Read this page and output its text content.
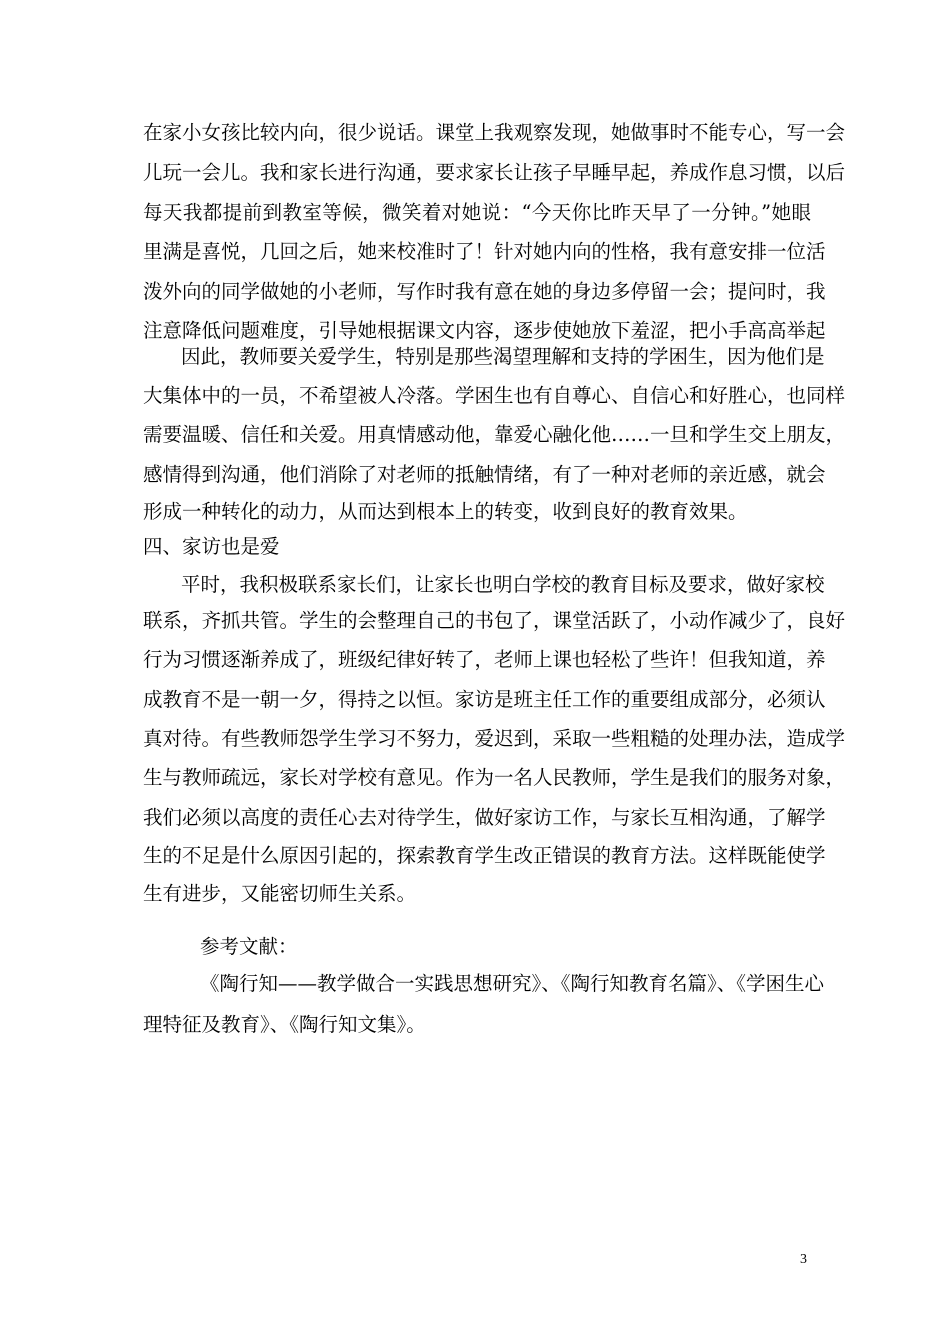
在家小女孩比较内向，很少说话。课堂上我观察发现，她做事时不能专心，写一会
儿玩一会儿。我和家长进行沟通，要求家长让孩子早睡早起，养成作息习惯，以后
每天我都提前到教室等候，微笑着对她说：“今天你比昨天早了一分钟。”她眼
里满是喜悦，几回之后，她来校准时了！针对她内向的性格，我有意安排一位活
泼外向的同学做她的小老师，写作时我有意在她的身边多停留一会；提问时，我
注意降低问题难度，引导她根据课文内容，逐步使她放下羞涩，把小手高高举起
因此，教师要关爱学生，特别是那些渴望理解和支持的学困生，因为他们是
大集体中的一员，不希望被人冷落。学困生也有自尊心、自信心和好胜心，也同样
需要温暖、信任和关爱。用真情感动他，靠爱心融化他……一旦和学生交上朋友，
感情得到沟通，他们消除了对老师的抵触情绪，有了一种对老师的亲近感，就会
形成一种转化的动力，从而达到根本上的转变，收到良好的教育效果。
四、家访也是爱
平时，我积极联系家长们，让家长也明白学校的教育目标及要求，做好家校
联系，齐抓共管。学生的会整理自己的书包了，课堂活跃了，小动作减少了，良好
行为习惯逐渐养成了，班级纪律好转了，老师上课也轻松了些许！但我知道，养
成教育不是一朝一夕，得持之以恒。家访是班主任工作的重要组成部分，必须认
真对待。有些教师怨学生学习不努力，爱迟到，采取一些粗糙的处理办法，造成学
生与教师疏远，家长对学校有意见。作为一名人民教师，学生是我们的服务对象，
我们必须以高度的责任心去对待学生，做好家访工作，与家长互相沟通，了解学
生的不足是什么原因引起的，探索教育学生改正错误的教育方法。这样既能使学
生有进步，又能密切师生关系。
参考文献：
《陶行知——教学做合一实践思想研究》、《陶行知教育名篇》、《学困生心
理特征及教育》、《陶行知文集》。
3
